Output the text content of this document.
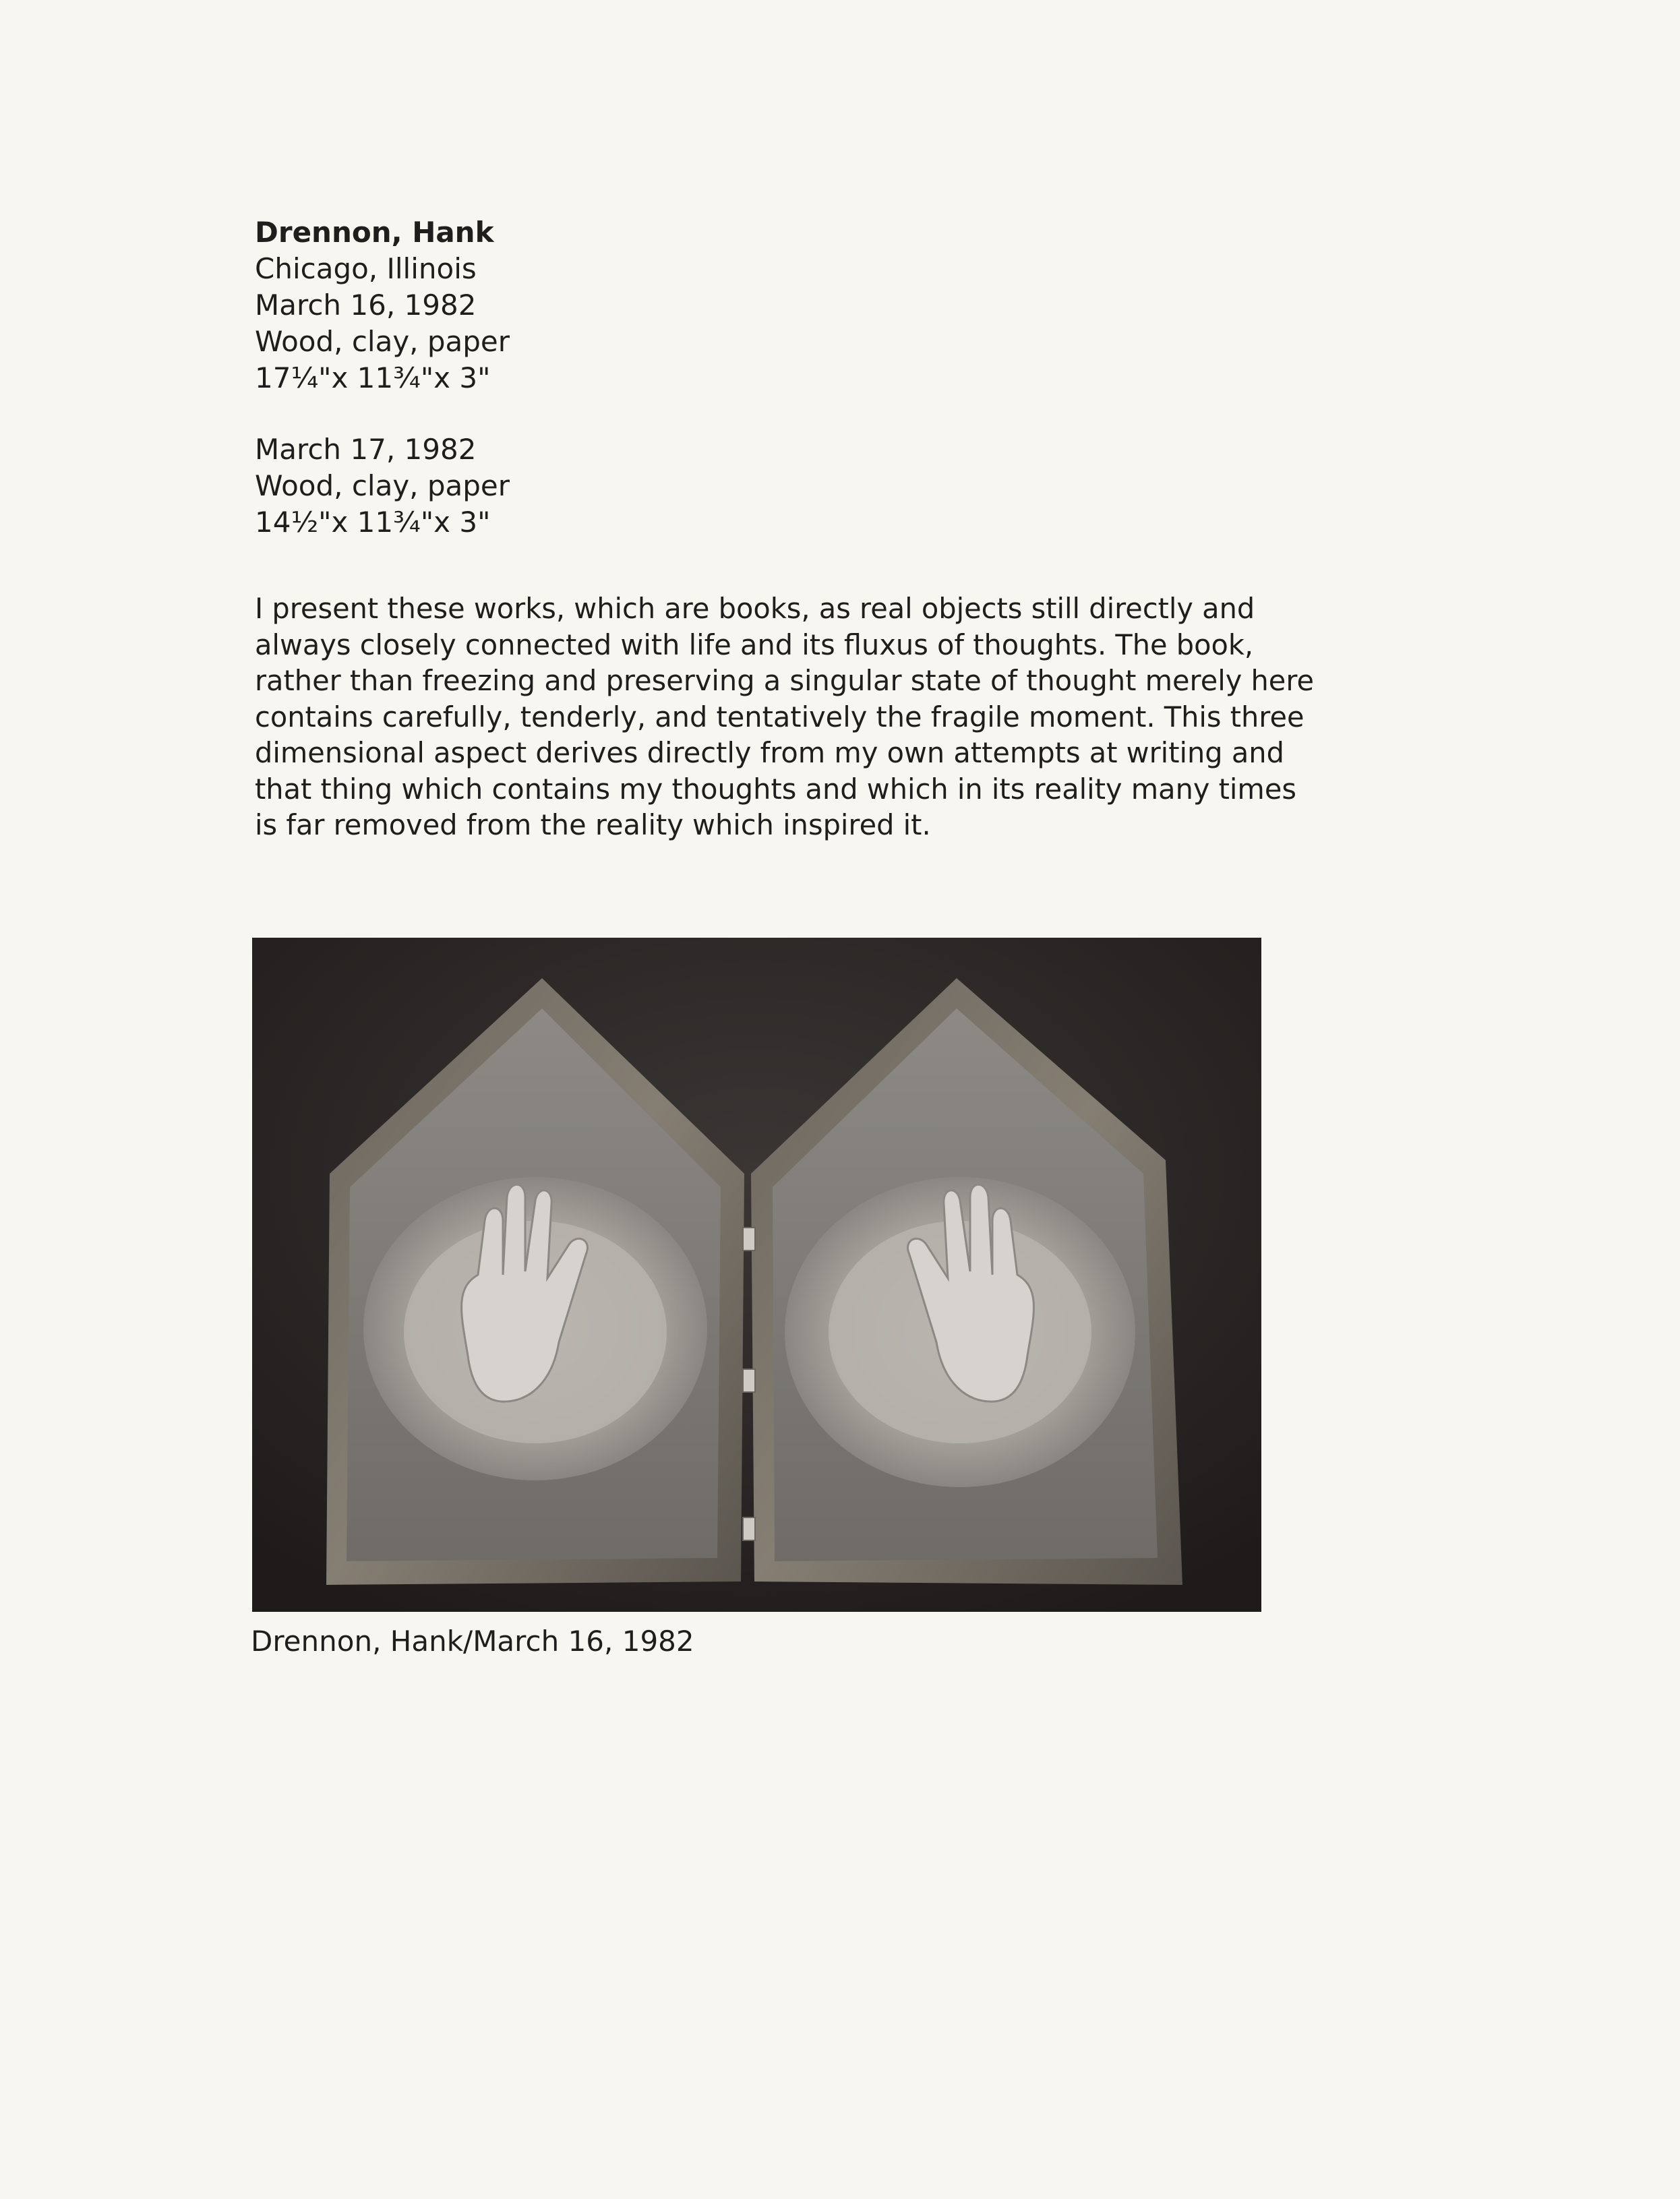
Drennon, Hank
Chicago, Illinois
March 16, 1982
Wood, clay, paper
17¼"x 11¾"x 3"
March 17, 1982
Wood, clay, paper
14½"x 11¾"x 3"
I present these works, which are books, as real objects still directly and
always closely connected with life and its fluxus of thoughts. The book,
rather than freezing and preserving a singular state of thought merely here
contains carefully, tenderly, and tentatively the fragile moment. This three
dimensional aspect derives directly from my own attempts at writing and
that thing which contains my thoughts and which in its reality many times
is far removed from the reality which inspired it.
Drennon, Hank/March 16, 1982
